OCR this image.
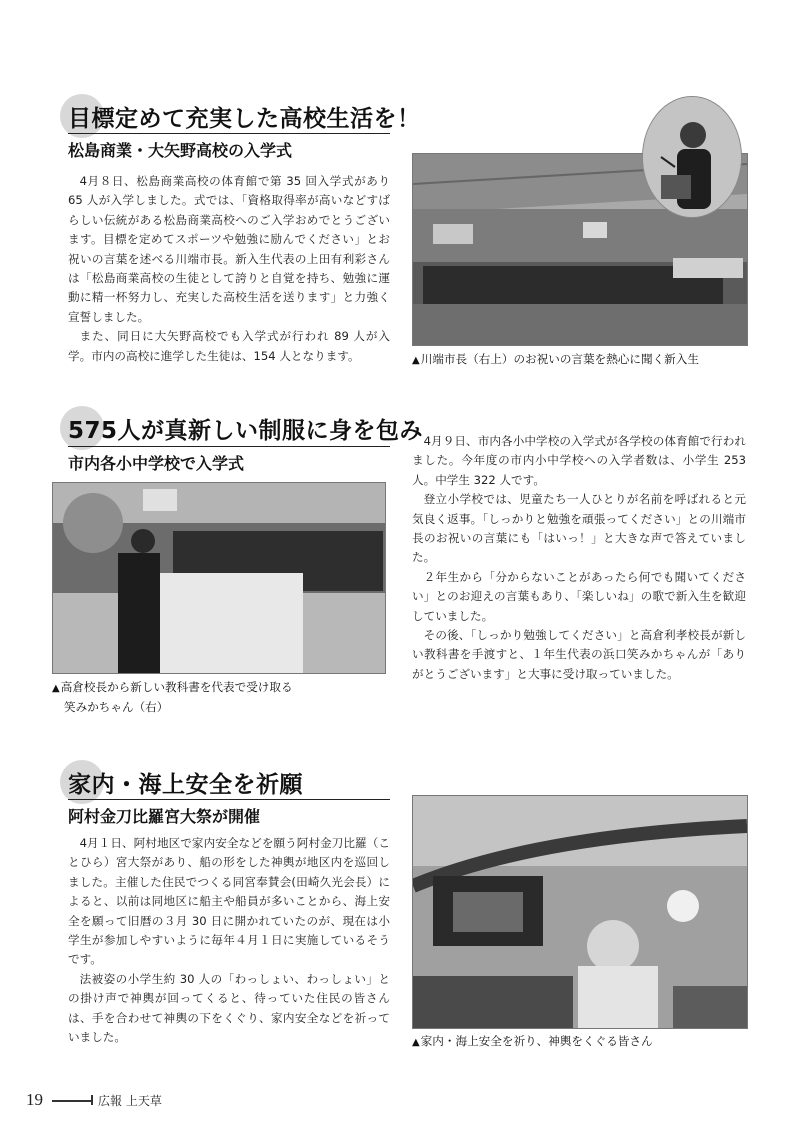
目標定めて充実した高校生活を！
松島商業・大矢野高校の入学式

4月８日、松島商業高校の体育館で第 35 回入学式があり 65 人が入学しました。式では、「資格取得率が高いなどすばらしい伝統がある松島商業高校へのご入学おめでとうございます。目標を定めてスポーツや勉強に励んでください」とお祝いの言葉を述べる川端市長。新入生代表の上田有利彩さんは「松島商業高校の生徒として誇りと自覚を持ち、勉強に運動に精一杯努力し、充実した高校生活を送ります」と力強く宣誓しました。

また、同日に大矢野高校でも入学式が行われ 89 人が入学。市内の高校に進学した生徒は、154 人となります。	▲川端市長（右上）のお祝いの言葉を熱心に聞く新入生
575人が真新しい制服に身を包み
市内各小中学校で入学式
▲高倉校長から新しい教科書を代表で受け取る
笑みかちゃん（右）

4月９日、市内各小中学校の入学式が各学校の体育館で行われました。今年度の市内小中学校への入学者数は、小学生 253 人。中学生 322 人です。

登立小学校では、児童たち一人ひとりが名前を呼ばれると元気良く返事。「しっかりと勉強を頑張ってください」との川端市長のお祝いの言葉にも「はいっ！」と大きな声で答えていました。

２年生から「分からないことがあったら何でも聞いてください」とのお迎えの言葉もあり、「楽しいね」の歌で新入生を歓迎していました。

その後、「しっかり勉強してください」と高倉利孝校長が新しい教科書を手渡すと、１年生代表の浜口笑みかちゃんが「ありがとうございます」と大事に受け取っていました。

家内・海上安全を祈願
阿村金刀比羅宮大祭が開催

4月１日、阿村地区で家内安全などを願う阿村金刀比羅（ことひら）宮大祭があり、船の形をした神輿が地区内を巡回しました。主催した住民でつくる同宮奉賛会(田崎久光会長）によると、以前は同地区に船主や船員が多いことから、海上安全を願って旧暦の３月 30 日に開かれていたのが、現在は小学生が参加しやすいように毎年４月１日に実施しているそうです。

法被姿の小学生約 30 人の「わっしょい、わっしょい」との掛け声で神輿が回ってくると、待っていた住民の皆さんは、手を合わせて神輿の下をくぐり、家内安全などを祈っていました。	▲家内・海上安全を祈り、神輿をくぐる皆さん
19	広報 上天草
